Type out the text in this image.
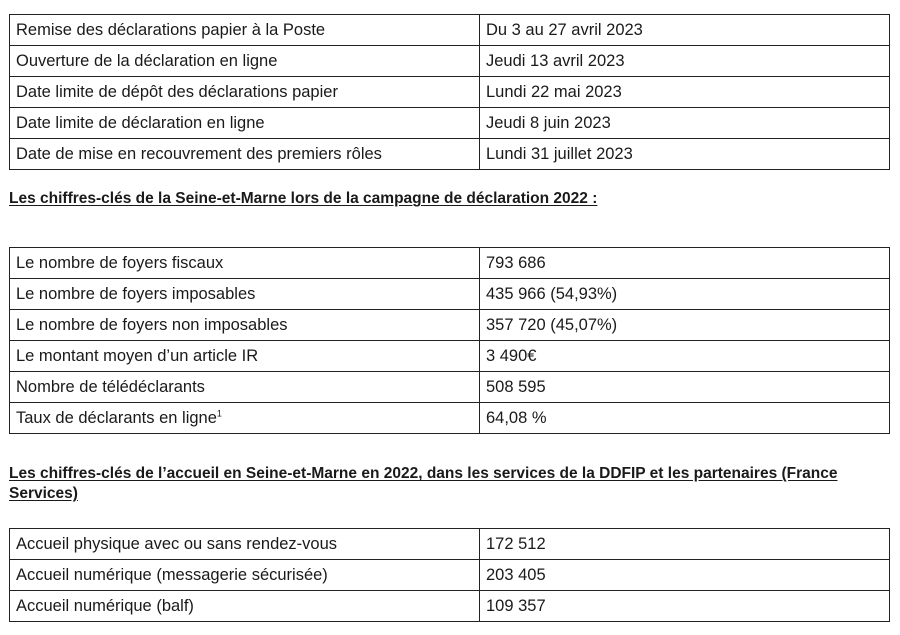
Remise des déclarations papier à la Poste	Du 3 au 27 avril 2023
Ouverture de la déclaration en ligne	Jeudi 13 avril 2023
Date limite de dépôt des déclarations papier	Lundi 22 mai 2023
Date limite de déclaration en ligne	Jeudi 8 juin 2023
Date de mise en recouvrement des premiers rôles	Lundi 31 juillet 2023
Les chiffres-clés de la Seine-et-Marne lors de la campagne de déclaration 2022 :
Le nombre de foyers fiscaux	793 686
Le nombre de foyers imposables	435 966 (54,93%)
Le nombre de foyers non imposables	357 720 (45,07%)
Le montant moyen d’un article IR	3 490€
Nombre de télédéclarants	508 595
Taux de déclarants en ligne$^1$	64,08 %
Les chiffres-clés de l’accueil en Seine-et-Marne en 2022, dans les services de la DDFIP et les partenaires (France Services)
Accueil physique avec ou sans rendez-vous	172 512
Accueil numérique (messagerie sécurisée)	203 405
Accueil numérique (balf)	109 357
